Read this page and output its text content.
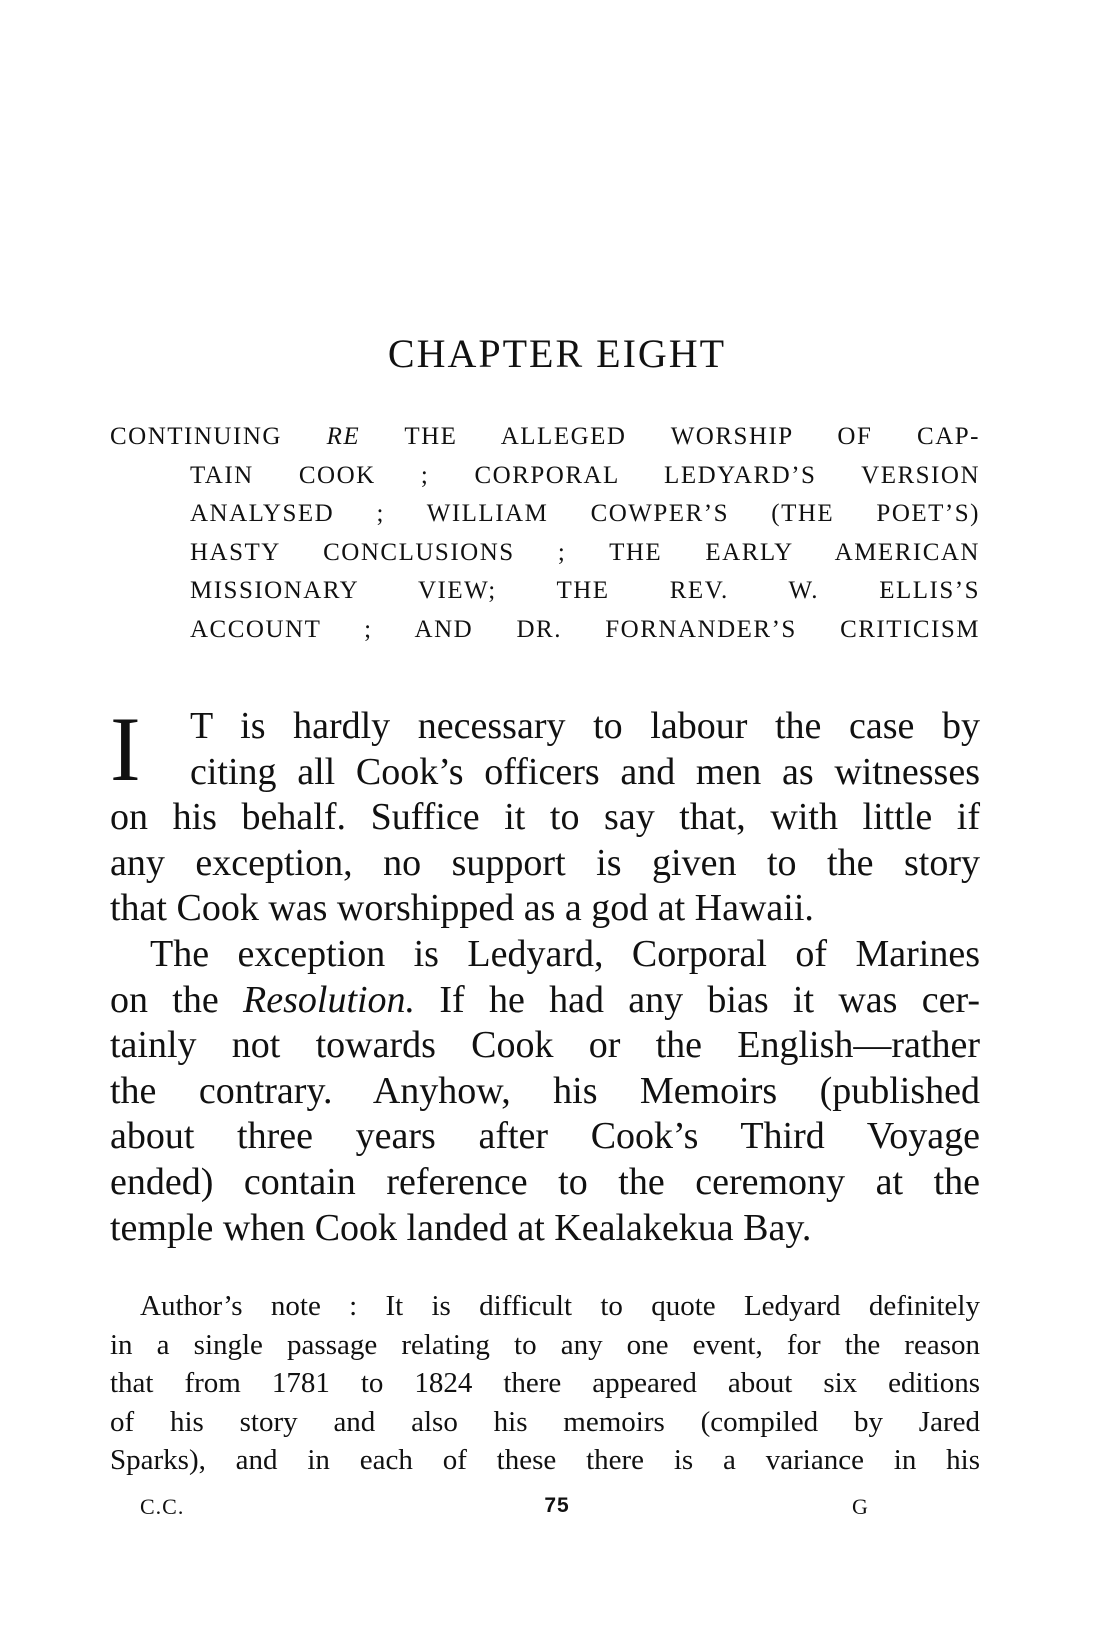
CHAPTER EIGHT
CONTINUING RE THE ALLEGED WORSHIP OF CAP-
TAIN COOK ; CORPORAL LEDYARD’S VERSION
ANALYSED ; WILLIAM COWPER’S (THE POET’S)
HASTY CONCLUSIONS ; THE EARLY AMERICAN
MISSIONARY VIEW; THE REV. W. ELLIS’S
ACCOUNT ; AND DR. FORNANDER’S CRITICISM
I	T is hardly necessary to labour the case by
citing all Cook’s officers and men as witnesses
on his behalf. Suffice it to say that, with little if
any exception, no support is given to the story
that Cook was worshipped as a god at Hawaii.
The exception is Ledyard, Corporal of Marines
on the Resolution. If he had any bias it was cer-
tainly not towards Cook or the English—rather
the contrary. Anyhow, his Memoirs (published
about three years after Cook’s Third Voyage
ended) contain reference to the ceremony at the
temple when Cook landed at Kealakekua Bay.
Author’s note : It is difficult to quote Ledyard definitely
in a single passage relating to any one event, for the reason
that from 1781 to 1824 there appeared about six editions
of his story and also his memoirs (compiled by Jared
Sparks), and in each of these there is a variance in his
C.C.	75	G
